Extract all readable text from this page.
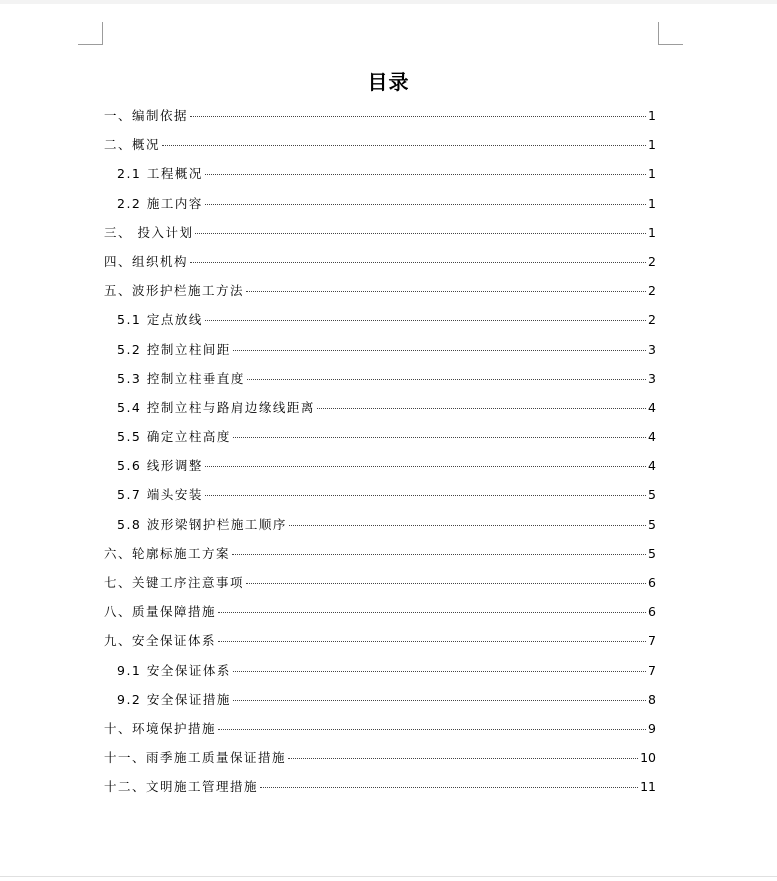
目录
一、编制依据	1
二、概况	1
2.1 工程概况	1
2.2 施工内容	1
三、 投入计划	1
四、组织机构	2
五、波形护栏施工方法	2
5.1 定点放线	2
5.2 控制立柱间距	3
5.3 控制立柱垂直度	3
5.4 控制立柱与路肩边缘线距离	4
5.5 确定立柱高度	4
5.6 线形调整	4
5.7 端头安装	5
5.8 波形梁钢护栏施工顺序	5
六、轮廓标施工方案	5
七、关键工序注意事项	6
八、质量保障措施	6
九、安全保证体系	7
9.1 安全保证体系	7
9.2 安全保证措施	8
十、环境保护措施	9
十一、雨季施工质量保证措施	10
十二、文明施工管理措施	11
